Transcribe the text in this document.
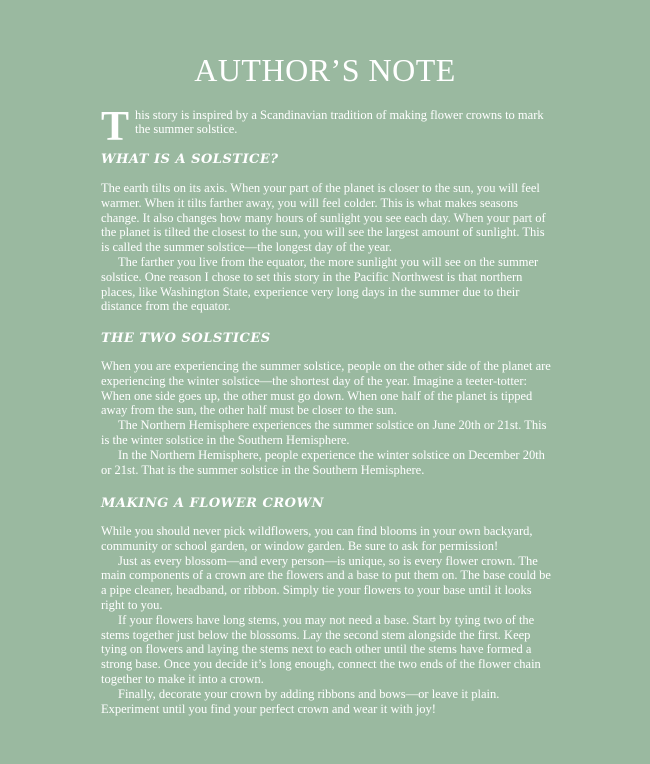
AUTHOR’S NOTE
T his story is inspired by a Scandinavian tradition of making flower crowns to mark the summer solstice.
WHAT IS A SOLSTICE?

The earth tilts on its axis. When your part of the planet is closer to the sun, you will feel warmer. When it tilts farther away, you will feel colder. This is what makes seasons change. It also changes how many hours of sunlight you see each day. When your part of the planet is tilted the closest to the sun, you will see the largest amount of sunlight. This is called the summer solstice—the longest day of the year.

The farther you live from the equator, the more sunlight you will see on the summer solstice. One reason I chose to set this story in the Pacific Northwest is that northern places, like Washington State, experience very long days in the summer due to their distance from the equator.

THE TWO SOLSTICES

When you are experiencing the summer solstice, people on the other side of the planet are experiencing the winter solstice—the shortest day of the year. Imagine a teeter-totter: When one side goes up, the other must go down. When one half of the planet is tipped away from the sun, the other half must be closer to the sun.

The Northern Hemisphere experiences the summer solstice on June 20th or 21st. This is the winter solstice in the Southern Hemisphere.

In the Northern Hemisphere, people experience the winter solstice on December 20th or 21st. That is the summer solstice in the Southern Hemisphere.

MAKING A FLOWER CROWN

While you should never pick wildflowers, you can find blooms in your own backyard, community or school garden, or window garden. Be sure to ask for permission!

Just as every blossom—and every person—is unique, so is every flower crown. The main components of a crown are the flowers and a base to put them on. The base could be a pipe cleaner, headband, or ribbon. Simply tie your flowers to your base until it looks right to you.

If your flowers have long stems, you may not need a base. Start by tying two of the stems together just below the blossoms. Lay the second stem alongside the first. Keep tying on flowers and laying the stems next to each other until the stems have formed a strong base. Once you decide it’s long enough, connect the two ends of the flower chain together to make it into a crown.

Finally, decorate your crown by adding ribbons and bows—or leave it plain. Experiment until you find your perfect crown and wear it with joy!
